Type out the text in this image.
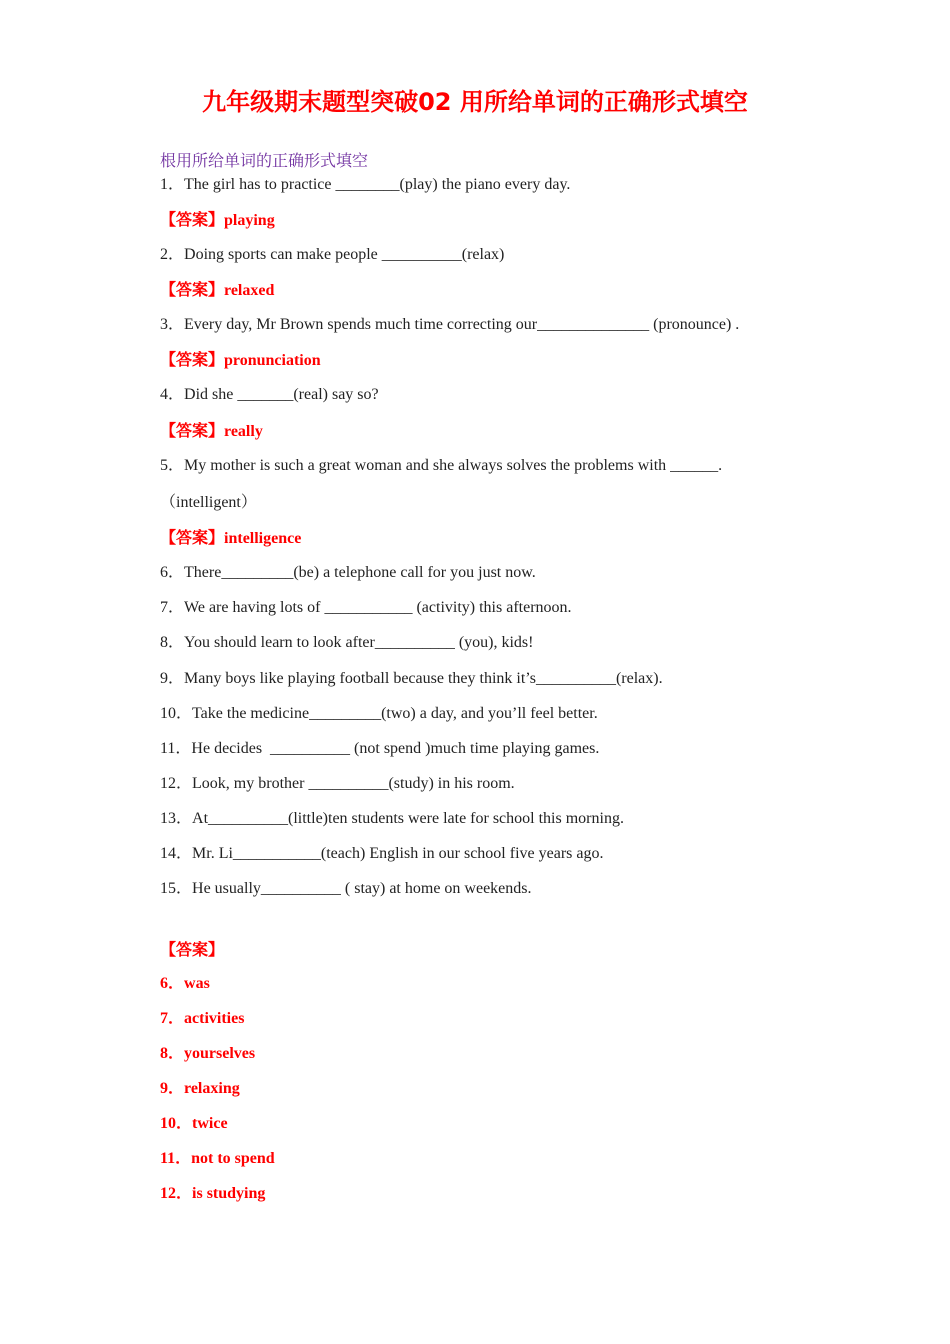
九年级期末题型突破02 用所给单词的正确形式填空
根用所给单词的正确形式填空
1．The girl has to practice ________(play) the piano every day.
【答案】playing
2．Doing sports can make people __________(relax)
【答案】relaxed
3．Every day, Mr Brown spends much time correcting our______________ (pronounce) .
【答案】pronunciation
4．Did she _______(real) say so?
【答案】really
5．My mother is such a great woman and she always solves the problems with ______.
（intelligent）
【答案】intelligence
6．There_________(be) a telephone call for you just now.
7．We are having lots of ___________ (activity) this afternoon.
8．You should learn to look after__________ (you), kids!
9．Many boys like playing football because they think it’s__________(relax).
10．Take the medicine_________(two) a day, and you’ll feel better.
11．He decides  __________ (not spend )much time playing games.
12．Look, my brother __________(study) in his room.
13．At__________(little)ten students were late for school this morning.
14．Mr. Li___________(teach) English in our school five years ago.
15．He usually__________ ( stay) at home on weekends.
【答案】
6．was
7．activities
8．yourselves
9．relaxing
10．twice
11．not to spend
12．is studying
